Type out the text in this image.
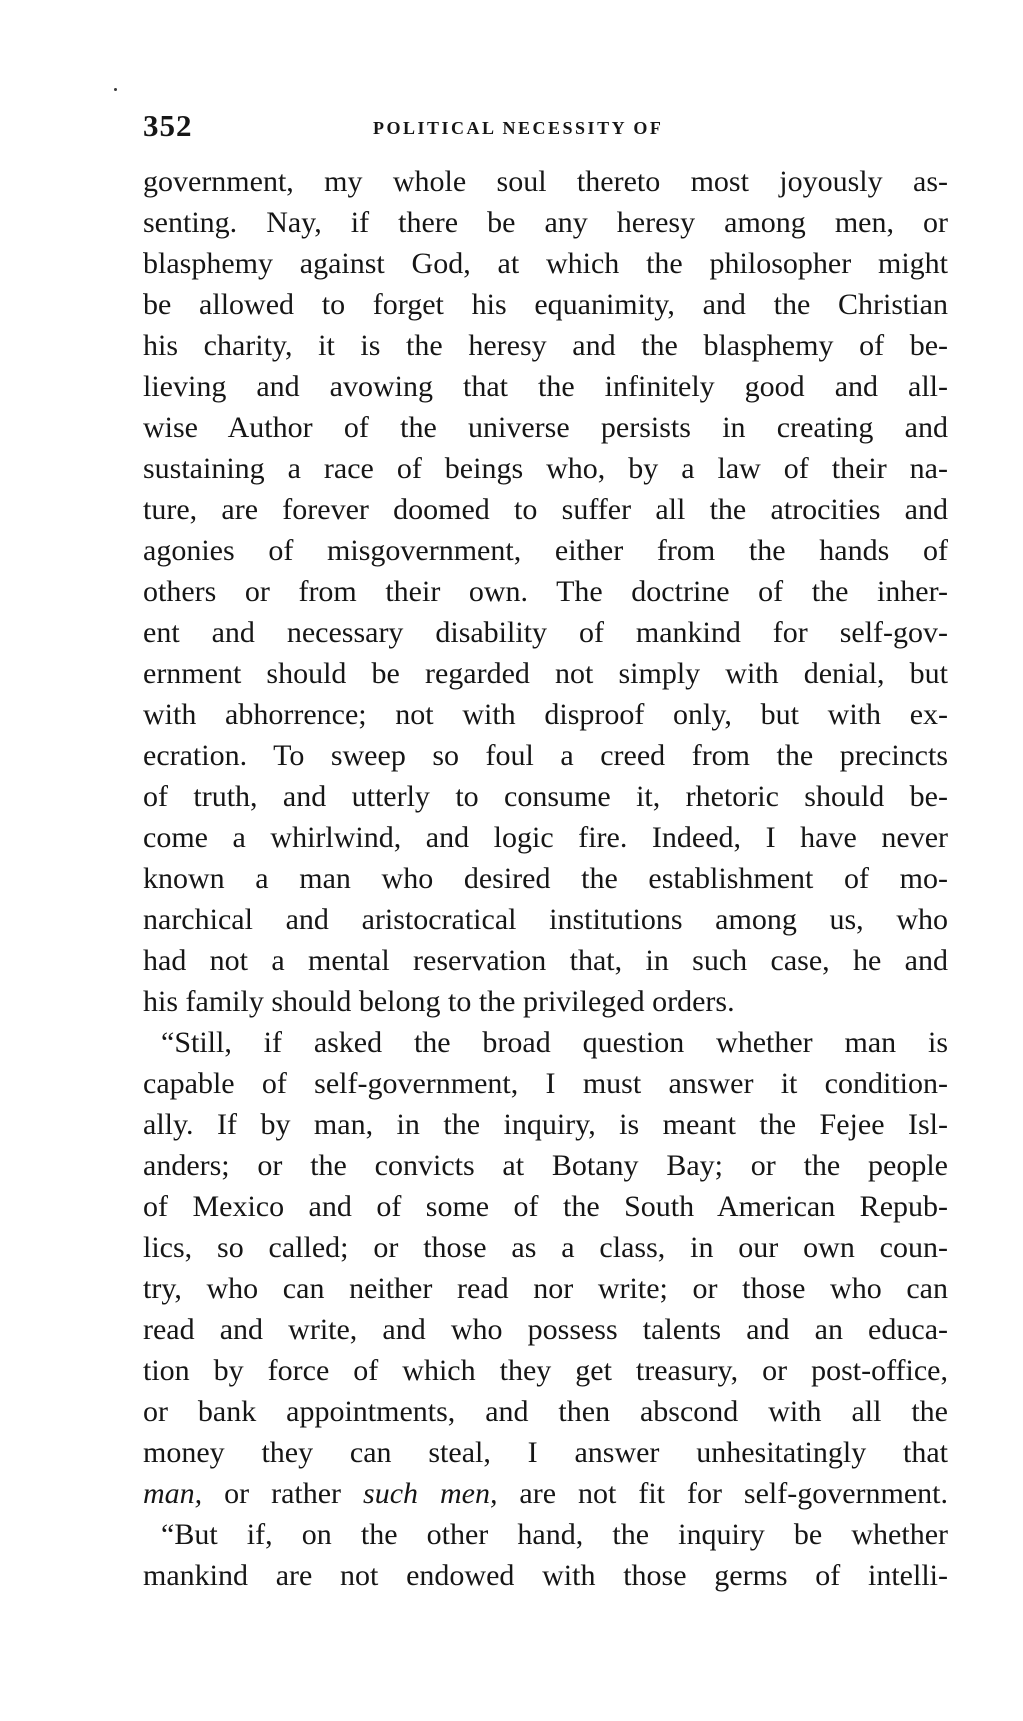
352	POLITICAL NECESSITY OF
government, my whole soul thereto most joyously as-
senting. Nay, if there be any heresy among men, or
blasphemy against God, at which the philosopher might
be allowed to forget his equanimity, and the Christian
his charity, it is the heresy and the blasphemy of be-
lieving and avowing that the infinitely good and all-
wise Author of the universe persists in creating and
sustaining a race of beings who, by a law of their na-
ture, are forever doomed to suffer all the atrocities and
agonies of misgovernment, either from the hands of
others or from their own. The doctrine of the inher-
ent and necessary disability of mankind for self-gov-
ernment should be regarded not simply with denial, but
with abhorrence; not with disproof only, but with ex-
ecration. To sweep so foul a creed from the precincts
of truth, and utterly to consume it, rhetoric should be-
come a whirlwind, and logic fire. Indeed, I have never
known a man who desired the establishment of mo-
narchical and aristocratical institutions among us, who
had not a mental reservation that, in such case, he and
his family should belong to the privileged orders.
“Still, if asked the broad question whether man is
capable of self-government, I must answer it condition-
ally. If by man, in the inquiry, is meant the Fejee Isl-
anders; or the convicts at Botany Bay; or the people
of Mexico and of some of the South American Repub-
lics, so called; or those as a class, in our own coun-
try, who can neither read nor write; or those who can
read and write, and who possess talents and an educa-
tion by force of which they get treasury, or post-office,
or bank appointments, and then abscond with all the
money they can steal, I answer unhesitatingly that
man, or rather such men, are not fit for self-government.
“But if, on the other hand, the inquiry be whether
mankind are not endowed with those germs of intelli-
